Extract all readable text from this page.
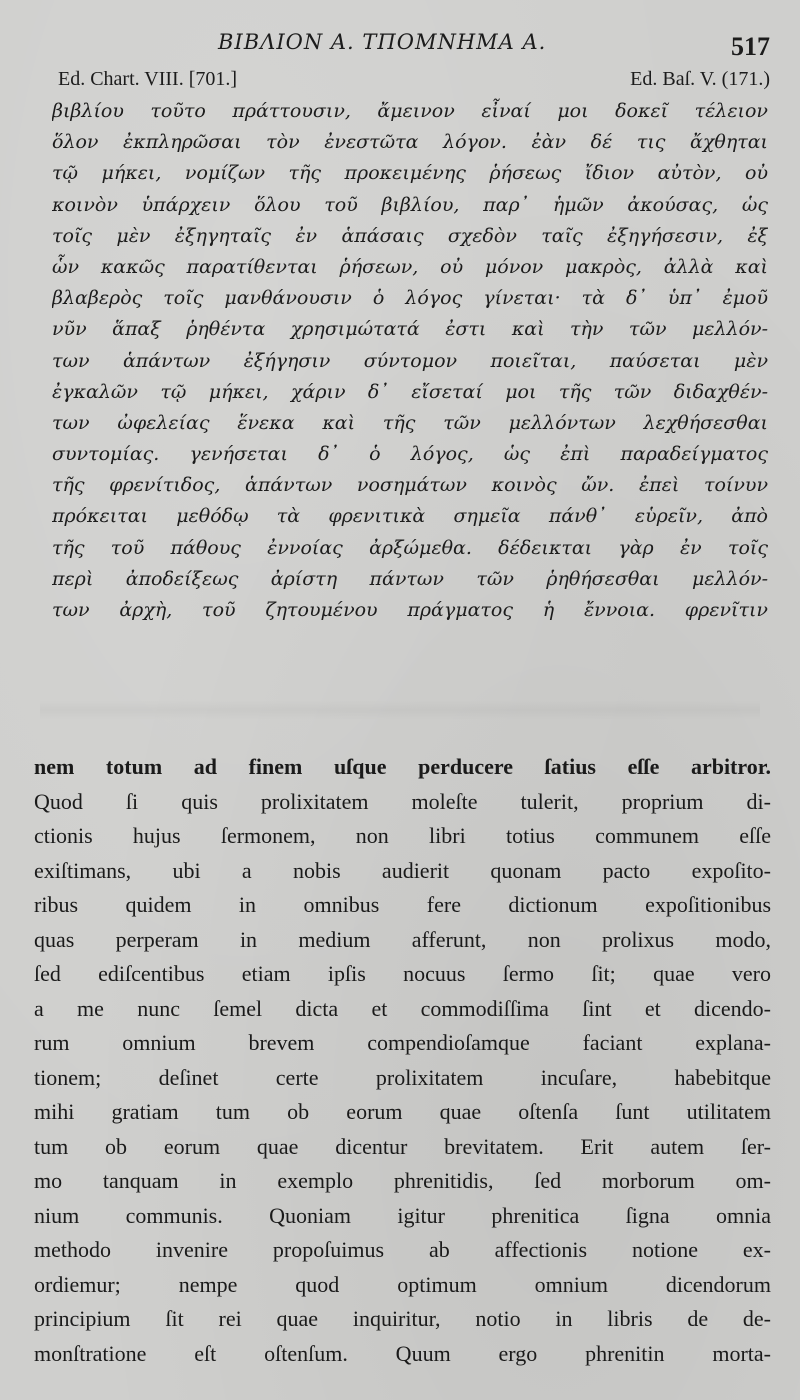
ΒΙΒΛΙΟΝ Α. ΤΠΟΜΝΗΜΑ Α.	517
Ed. Chart. VIII. [701.]	Ed. Baſ. V. (171.)
βιβλίου τοῦτο πράττουσιν, ἄμεινον εἶναί μοι δοκεῖ τέλειον
ὅλον ἐκπληρῶσαι τὸν ἐνεστῶτα λόγον. ἐὰν δέ τις ἄχθηται
τῷ μήκει, νομίζων τῆς προκειμένης ῥήσεως ἴδιον αὐτὸν, οὐ
κοινὸν ὑπάρχειν ὅλου τοῦ βιβλίου, παρ᾽ ἡμῶν ἀκούσας, ὡς
τοῖς μὲν ἐξηγηταῖς ἐν ἁπάσαις σχεδὸν ταῖς ἐξηγήσεσιν, ἐξ
ὧν κακῶς παρατίθενται ῥήσεων, οὐ μόνον μακρὸς, ἀλλὰ καὶ
βλαβερὸς τοῖς μανθάνουσιν ὁ λόγος γίνεται· τὰ δ᾽ ὑπ᾽ ἐμοῦ
νῦν ἅπαξ ῥηθέντα χρησιμώτατά ἐστι καὶ τὴν τῶν μελλόν-
των ἁπάντων ἐξήγησιν σύντομον ποιεῖται, παύσεται μὲν
ἐγκαλῶν τῷ μήκει, χάριν δ᾽ εἴσεταί μοι τῆς τῶν διδαχθέν-
των ὠφελείας ἕνεκα καὶ τῆς τῶν μελλόντων λεχθήσεσθαι
συντομίας. γενήσεται δ᾽ ὁ λόγος, ὡς ἐπὶ παραδείγματος
τῆς φρενίτιδος, ἁπάντων νοσημάτων κοινὸς ὤν. ἐπεὶ τοίνυν
πρόκειται μεθόδῳ τὰ φρενιτικὰ σημεῖα πάνθ᾽ εὑρεῖν, ἀπὸ
τῆς τοῦ πάθους ἐννοίας ἀρξώμεθα. δέδεικται γὰρ ἐν τοῖς
περὶ ἀποδείξεως ἀρίστη πάντων τῶν ῥηθήσεσθαι μελλόν-
των ἀρχὴ, τοῦ ζητουμένου πράγματος ἡ ἔννοια. φρενῖτιν
nem totum ad finem uſque perducere ſatius eſſe arbitror.
Quod ſi quis prolixitatem moleſte tulerit, proprium di-
ctionis hujus ſermonem, non libri totius communem eſſe
exiſtimans, ubi a nobis audierit quonam pacto expoſito-
ribus quidem in omnibus fere dictionum expoſitionibus
quas perperam in medium afferunt, non prolixus modo,
ſed ediſcentibus etiam ipſis nocuus ſermo ſit; quae vero
a me nunc ſemel dicta et commodiſſima ſint et dicendo-
rum omnium brevem compendioſamque faciant explana-
tionem; deſinet certe prolixitatem incuſare, habebitque
mihi gratiam tum ob eorum quae oſtenſa ſunt utilitatem
tum ob eorum quae dicentur brevitatem. Erit autem ſer-
mo tanquam in exemplo phrenitidis, ſed morborum om-
nium communis. Quoniam igitur phrenitica ſigna omnia
methodo invenire propoſuimus ab affectionis notione ex-
ordiemur; nempe quod optimum omnium dicendorum
principium ſit rei quae inquiritur, notio in libris de de-
monſtratione eſt oſtenſum. Quum ergo phrenitin morta-
